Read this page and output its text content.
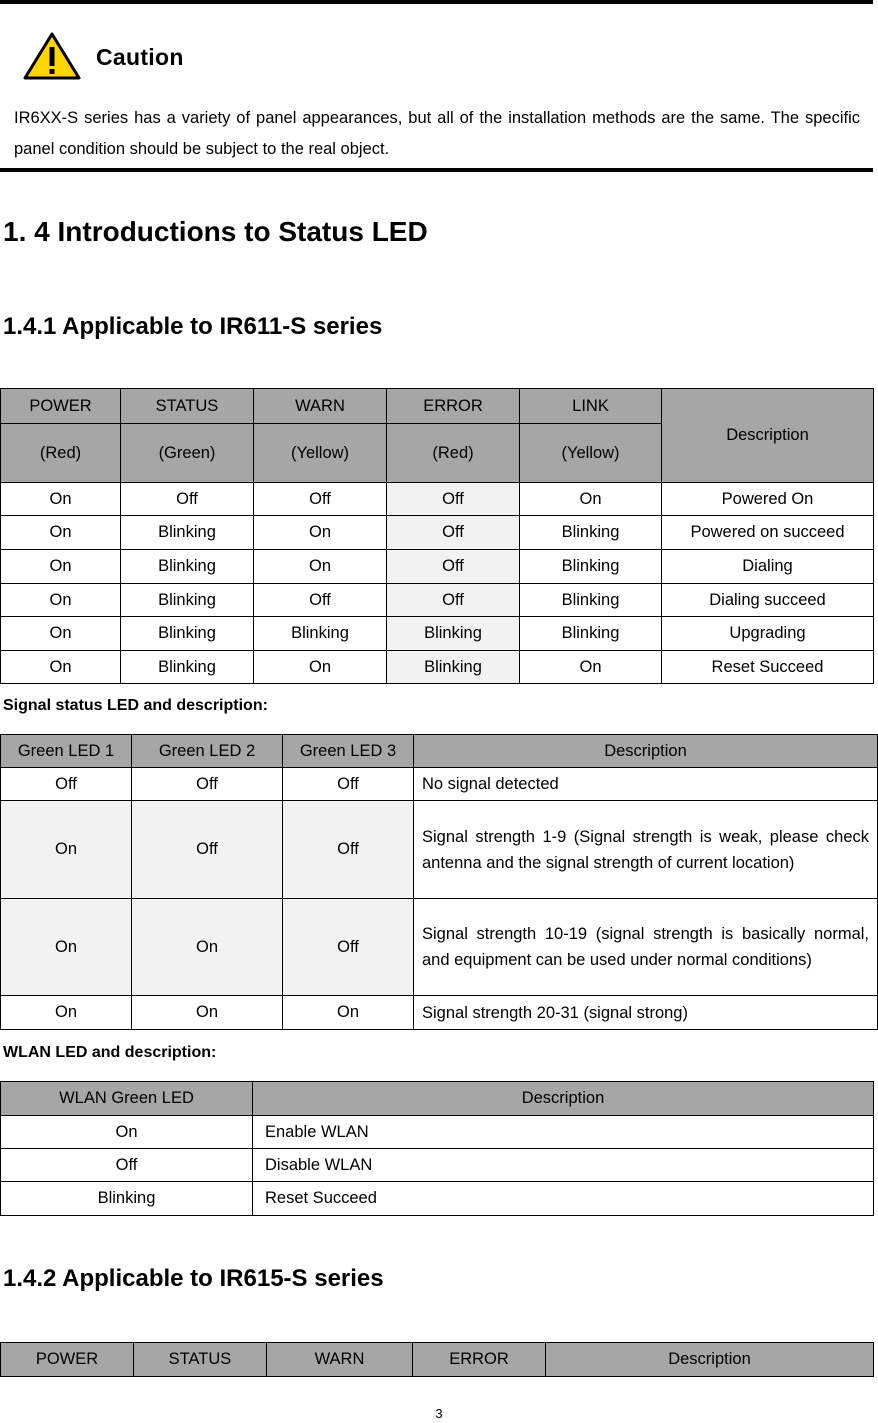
Caution
IR6XX-S series has a variety of panel appearances, but all of the installation methods are the same. The specific panel condition should be subject to the real object.
1. 4 Introductions to Status LED
1.4.1 Applicable to IR611-S series
POWER	STATUS	WARN	ERROR	LINK	Description
(Red)	(Green)	(Yellow)	(Red)	(Yellow)	
On	Off	Off	Off	On	Powered On
On	Blinking	On	Off	Blinking	Powered on succeed
On	Blinking	On	Off	Blinking	Dialing
On	Blinking	Off	Off	Blinking	Dialing succeed
On	Blinking	Blinking	Blinking	Blinking	Upgrading
On	Blinking	On	Blinking	On	Reset Succeed
Signal status LED and description:
Green LED 1	Green LED 2	Green LED 3	Description
Off	Off	Off	No signal detected
On	Off	Off	Signal strength 1-9 (Signal strength is weak, please check antenna and the signal strength of current location)
On	On	Off	Signal strength 10-19 (signal strength is basically normal, and equipment can be used under normal conditions)
On	On	On	Signal strength 20-31 (signal strong)
WLAN LED and description:
WLAN Green LED	Description
On	Enable WLAN
Off	Disable WLAN
Blinking	Reset Succeed
1.4.2 Applicable to IR615-S series
POWER	STATUS	WARN	ERROR	Description
3
